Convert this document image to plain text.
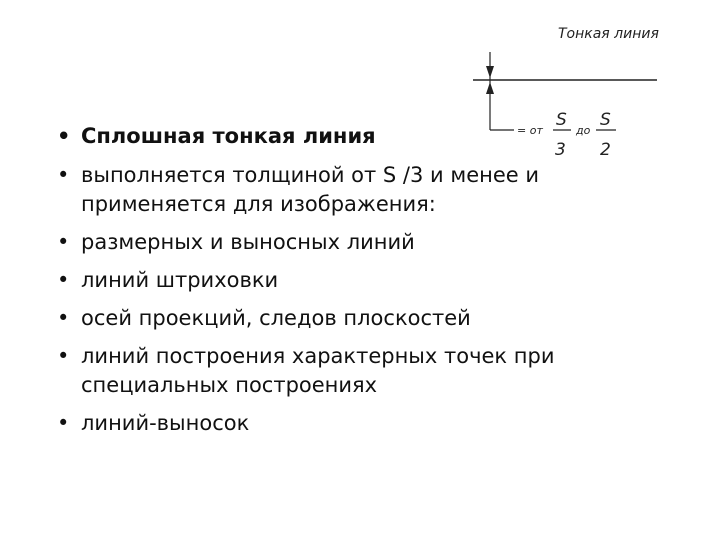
Тонкая линия
= от
S
3
до
S
2
• Сплошная тонкая линия
• выполняется толщиной от S /3 и менее и применяется для изображения:
• размерных и выносных линий
• линий штриховки
• осей проекций, следов плоскостей
• линий построения характерных точек при специальных построениях
• линий-выносок
